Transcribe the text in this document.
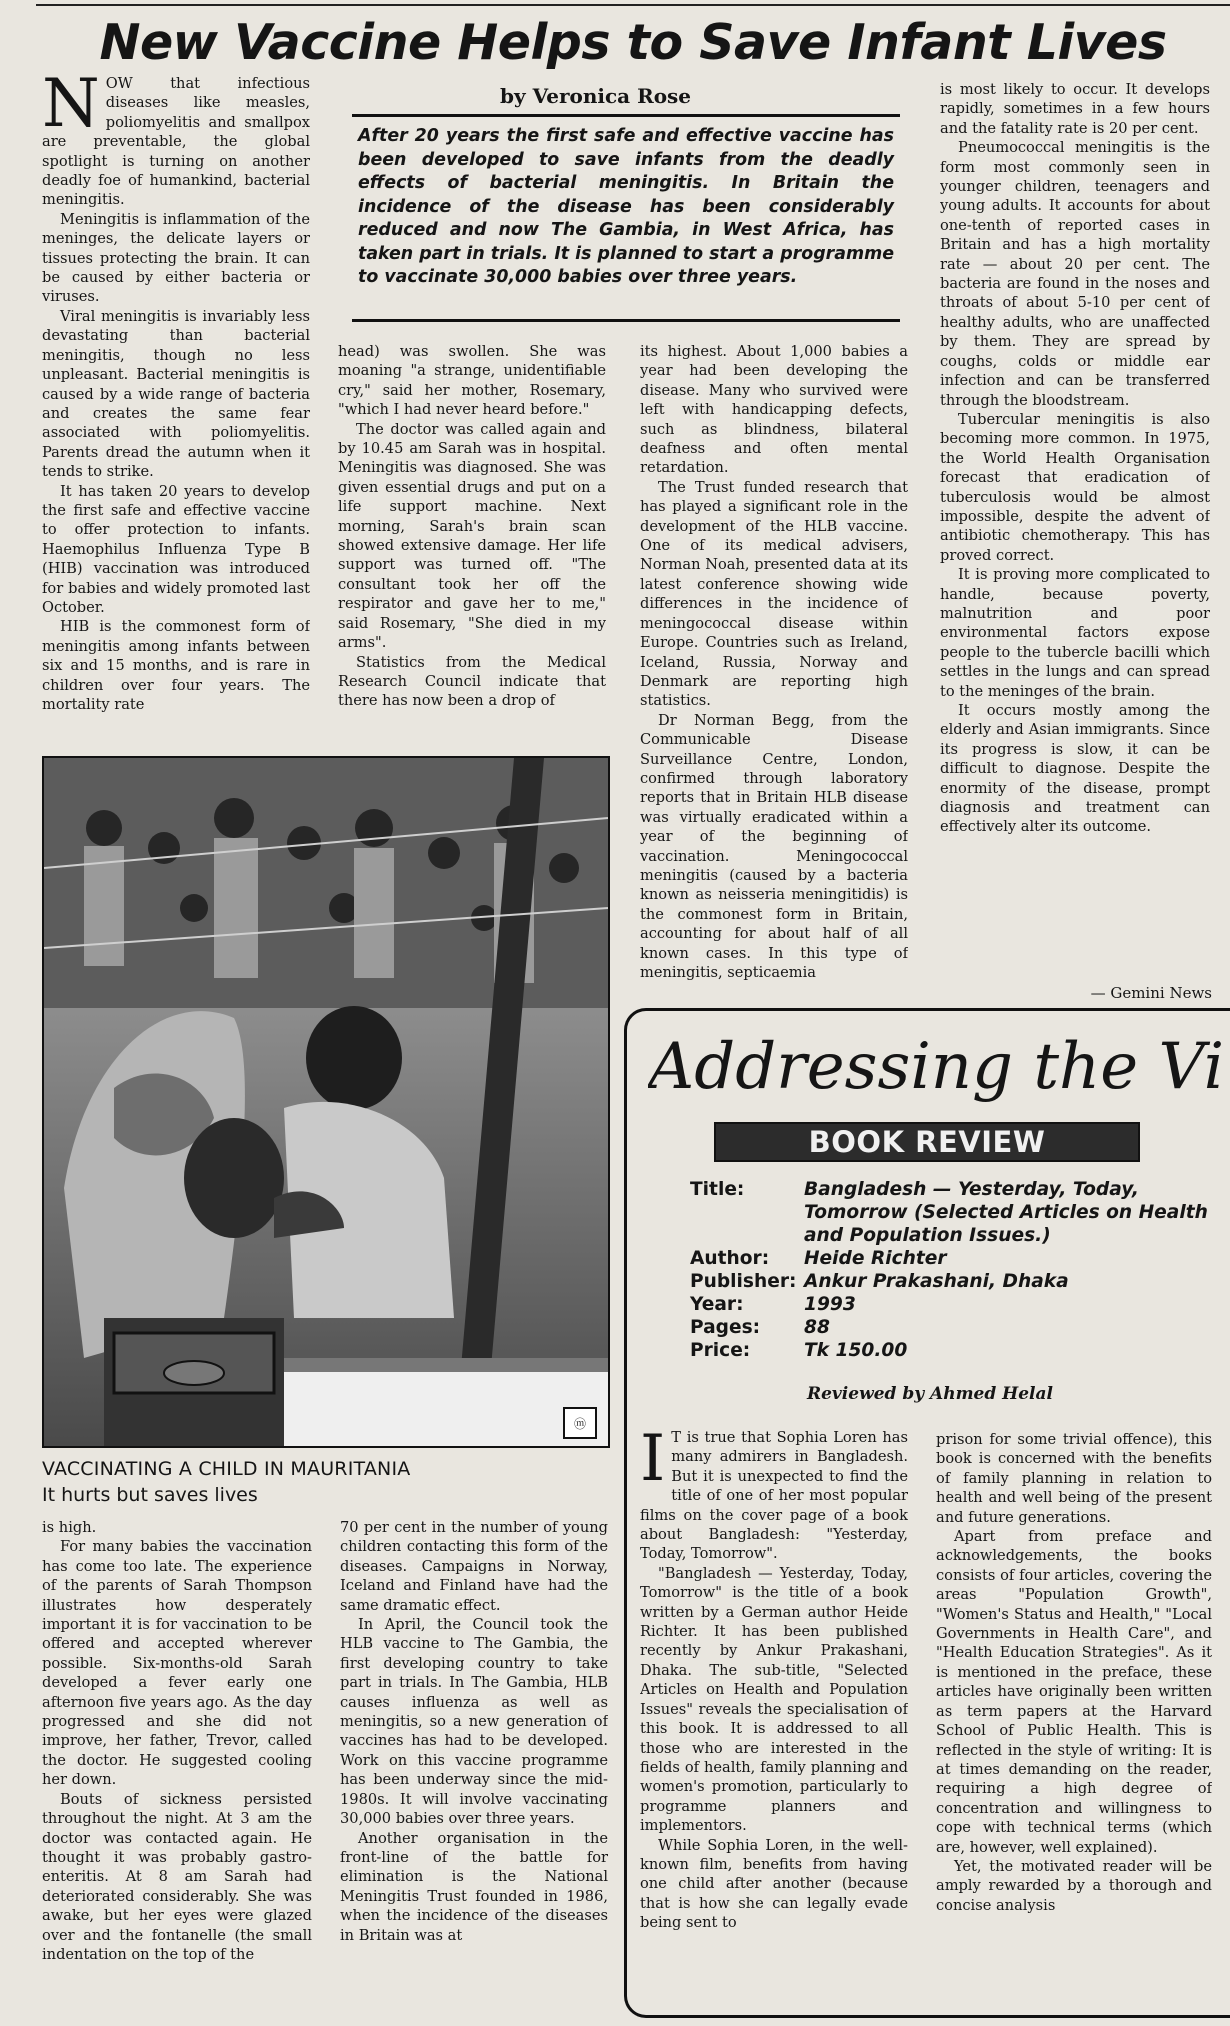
New Vaccine Helps to Save Infant Lives
by Veronica Rose
After 20 years the first safe and effective vaccine has been developed to save infants from the deadly effects of bacterial meningitis. In Britain the incidence of the disease has been considerably reduced and now The Gambia, in West Africa, has taken part in trials. It is planned to start a programme to vaccinate 30,000 babies over three years.
N OW that infectious diseases like measles, poliomyelitis and smallpox are preventable, the global spotlight is turning on another deadly foe of humankind, bacterial meningitis.

Meningitis is inflammation of the meninges, the delicate layers or tissues protecting the brain. It can be caused by either bacteria or viruses.

Viral meningitis is invariably less devastating than bacterial meningitis, though no less unpleasant. Bacterial meningitis is caused by a wide range of bacteria and creates the same fear associated with poliomyelitis. Parents dread the autumn when it tends to strike.

It has taken 20 years to develop the first safe and effective vaccine to offer protection to infants. Haemophilus Influenza Type B (HIB) vaccination was introduced for babies and widely promoted last October.

HIB is the commonest form of meningitis among infants between six and 15 months, and is rare in children over four years. The mortality rate

head) was swollen. She was moaning "a strange, unidentifiable cry," said her mother, Rosemary, "which I had never heard before."

The doctor was called again and by 10.45 am Sarah was in hospital. Meningitis was diagnosed. She was given essential drugs and put on a life support machine. Next morning, Sarah's brain scan showed extensive damage. Her life support was turned off. "The consultant took her off the respirator and gave her to me," said Rosemary, "She died in my arms".

Statistics from the Medical Research Council indicate that there has now been a drop of

its highest. About 1,000 babies a year had been developing the disease. Many who survived were left with handicapping defects, such as blindness, bilateral deafness and often mental retardation.

The Trust funded research that has played a significant role in the development of the HLB vaccine. One of its medical advisers, Norman Noah, presented data at its latest conference showing wide differences in the incidence of meningococcal disease within Europe. Countries such as Ireland, Iceland, Russia, Norway and Denmark are reporting high statistics.

Dr Norman Begg, from the Communicable Disease Surveillance Centre, London, confirmed through laboratory reports that in Britain HLB disease was virtually eradicated within a year of the beginning of vaccination. Meningococcal meningitis (caused by a bacteria known as neisseria meningitidis) is the commonest form in Britain, accounting for about half of all known cases. In this type of meningitis, septicaemia

is most likely to occur. It develops rapidly, sometimes in a few hours and the fatality rate is 20 per cent.

Pneumococcal meningitis is the form most commonly seen in younger children, teenagers and young adults. It accounts for about one-tenth of reported cases in Britain and has a high mortality rate — about 20 per cent. The bacteria are found in the noses and throats of about 5-10 per cent of healthy adults, who are unaffected by them. They are spread by coughs, colds or middle ear infection and can be transferred through the bloodstream.

Tubercular meningitis is also becoming more common. In 1975, the World Health Organisation forecast that eradication of tuberculosis would be almost impossible, despite the advent of antibiotic chemotherapy. This has proved correct.

It is proving more complicated to handle, because poverty, malnutrition and poor environmental factors expose people to the tubercle bacilli which settles in the lungs and can spread to the meninges of the brain.

It occurs mostly among the elderly and Asian immigrants. Since its progress is slow, it can be difficult to diagnose. Despite the enormity of the disease, prompt diagnosis and treatment can effectively alter its outcome.

— Gemini News
ⓜ
VACCINATING A CHILD IN MAURITANIA
It hurts but saves lives

is high.

For many babies the vaccination has come too late. The experience of the parents of Sarah Thompson illustrates how desperately important it is for vaccination to be offered and accepted wherever possible. Six-months-old Sarah developed a fever early one afternoon five years ago. As the day progressed and she did not improve, her father, Trevor, called the doctor. He suggested cooling her down.

Bouts of sickness persisted throughout the night. At 3 am the doctor was contacted again. He thought it was probably gastro-enteritis. At 8 am Sarah had deteriorated considerably. She was awake, but her eyes were glazed over and the fontanelle (the small indentation on the top of the

70 per cent in the number of young children contacting this form of the diseases. Campaigns in Norway, Iceland and Finland have had the same dramatic effect.

In April, the Council took the HLB vaccine to The Gambia, the first developing country to take part in trials. In The Gambia, HLB causes influenza as well as meningitis, so a new generation of vaccines has had to be developed. Work on this vaccine programme has been underway since the mid-1980s. It will involve vaccinating 30,000 babies over three years.

Another organisation in the front-line of the battle for elimination is the National Meningitis Trust founded in 1986, when the incidence of the diseases in Britain was at

Addressing the Vi
BOOK REVIEW
Title:	Bangladesh — Yesterday, Today, Tomorrow (Selected Articles on Health and Population Issues.)
Author: Heide Richter
Publisher: Ankur Prakashani, Dhaka
Year:	1993
Pages: 88
Price:	Tk 150.00
Reviewed by Ahmed Helal
I T is true that Sophia Loren has many admirers in Bangladesh. But it is unexpected to find the title of one of her most popular films on the cover page of a book about Bangladesh: "Yesterday, Today, Tomorrow".

"Bangladesh — Yesterday, Today, Tomorrow" is the title of a book written by a German author Heide Richter. It has been published recently by Ankur Prakashani, Dhaka. The sub-title, "Selected Articles on Health and Population Issues" reveals the specialisation of this book. It is addressed to all those who are interested in the fields of health, family planning and women's promotion, particularly to programme planners and implementors.

While Sophia Loren, in the well-known film, benefits from having one child after another (because that is how she can legally evade being sent to

prison for some trivial offence), this book is concerned with the benefits of family planning in relation to health and well being of the present and future generations.

Apart from preface and acknowledgements, the books consists of four articles, covering the areas "Population Growth", "Women's Status and Health," "Local Governments in Health Care", and "Health Education Strategies". As it is mentioned in the preface, these articles have originally been written as term papers at the Harvard School of Public Health. This is reflected in the style of writing: It is at times demanding on the reader, requiring a high degree of concentration and willingness to cope with technical terms (which are, however, well explained).

Yet, the motivated reader will be amply rewarded by a thorough and concise analysis
